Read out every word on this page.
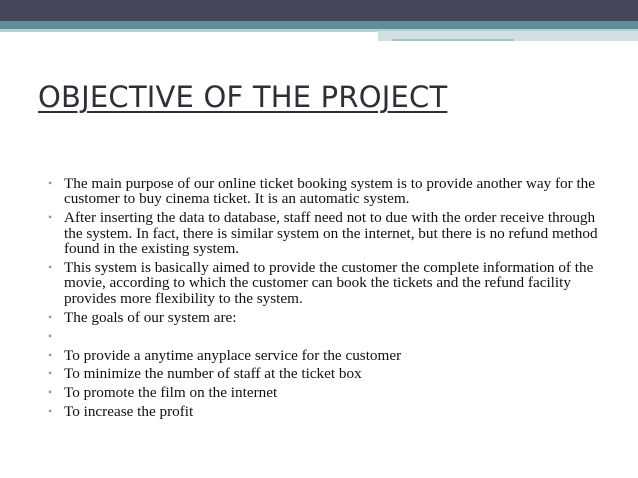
OBJECTIVE OF THE PROJECT
• The main purpose of our online ticket booking system is to provide another way for the customer to buy cinema ticket. It is an automatic system.
• After inserting the data to database, staff need not to due with the order receive through the system. In fact, there is similar system on the internet, but there is no refund method found in the existing system.
• This system is basically aimed to provide the customer the complete information of the movie, according to which the customer can book the tickets and the refund facility provides more flexibility to the system.
• The goals of our system are:
•
• To provide a anytime anyplace service for the customer
• To minimize the number of staff at the ticket box
• To promote the film on the internet
• To increase the profit
